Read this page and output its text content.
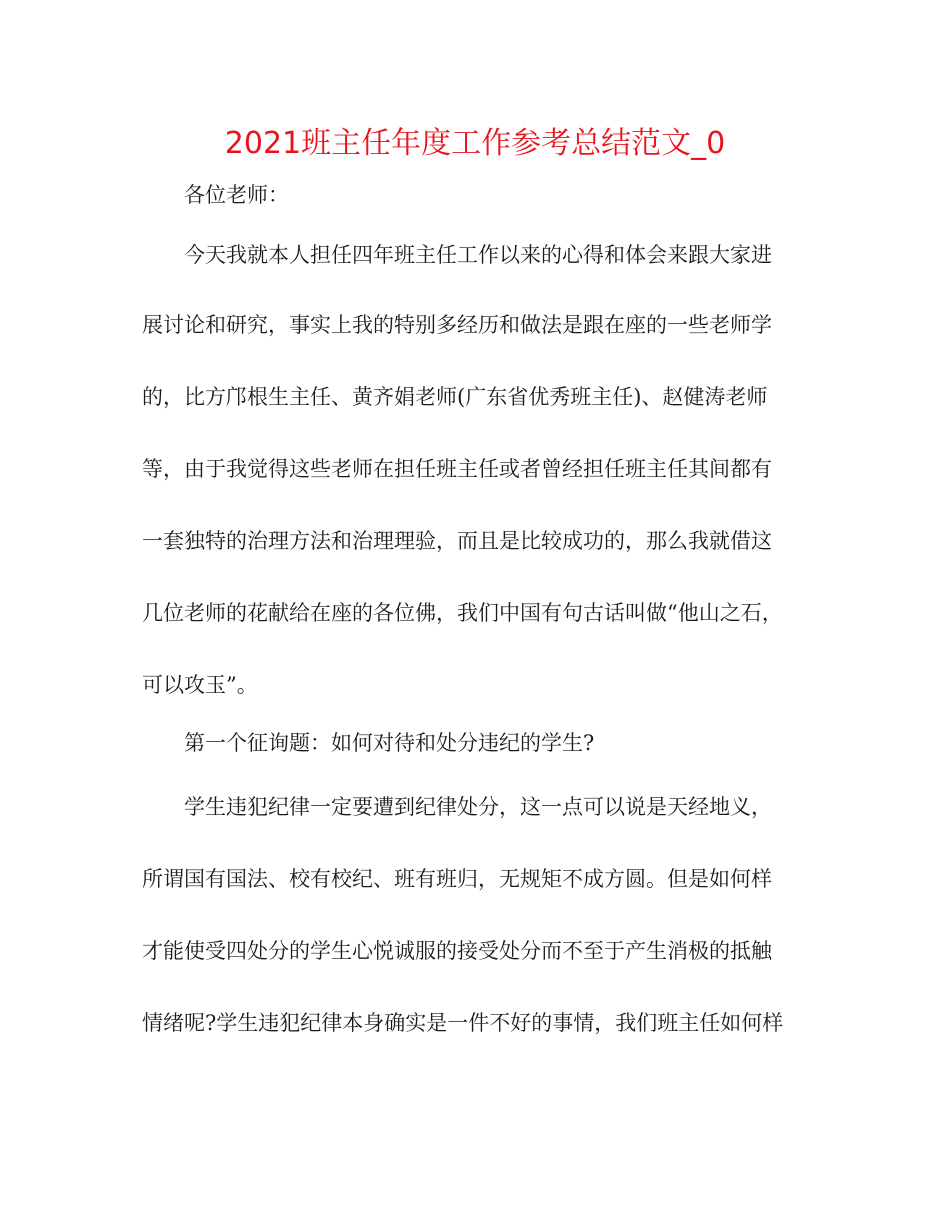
2021班主任年度工作参考总结范文_0

各位老师：

今天我就本人担任四年班主任工作以来的心得和体会来跟大家进

展讨论和研究，事实上我的特别多经历和做法是跟在座的一些老师学

的，比方邝根生主任、黄齐娟老师(广东省优秀班主任)、赵健涛老师

等，由于我觉得这些老师在担任班主任或者曾经担任班主任其间都有

一套独特的治理方法和治理理验，而且是比较成功的，那么我就借这

几位老师的花献给在座的各位佛，我们中国有句古话叫做“他山之石，

可以攻玉”。

第一个征询题：如何对待和处分违纪的学生?

学生违犯纪律一定要遭到纪律处分，这一点可以说是天经地义，

所谓国有国法、校有校纪、班有班归，无规矩不成方圆。但是如何样

才能使受四处分的学生心悦诚服的接受处分而不至于产生消极的抵触

情绪呢?学生违犯纪律本身确实是一件不好的事情，我们班主任如何样
